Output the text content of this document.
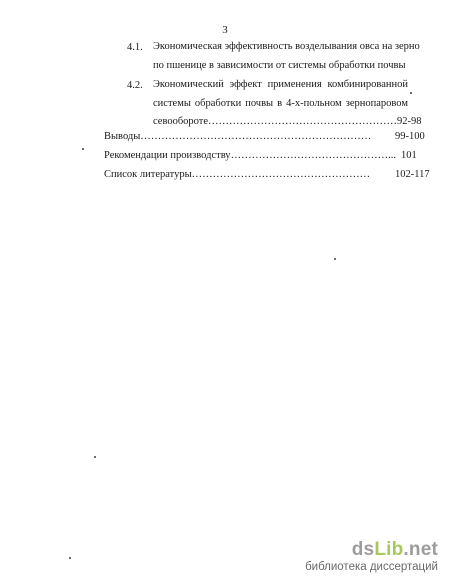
3
4.1. Экономическая эффективность возделывания овса на зерно
по пшенице в зависимости от системы обработки почвы
4.2. Экономический эффект применения комбинированной
системы обработки почвы в 4-х-польном зернопаровом
севообороте………………………………………………92-98
Выводы………………………………………………………… 99-100
Рекомендации производству………………………………………... 101
Список литературы…………………………………………… 102-117
dsLib.net
библиотека диссертаций
